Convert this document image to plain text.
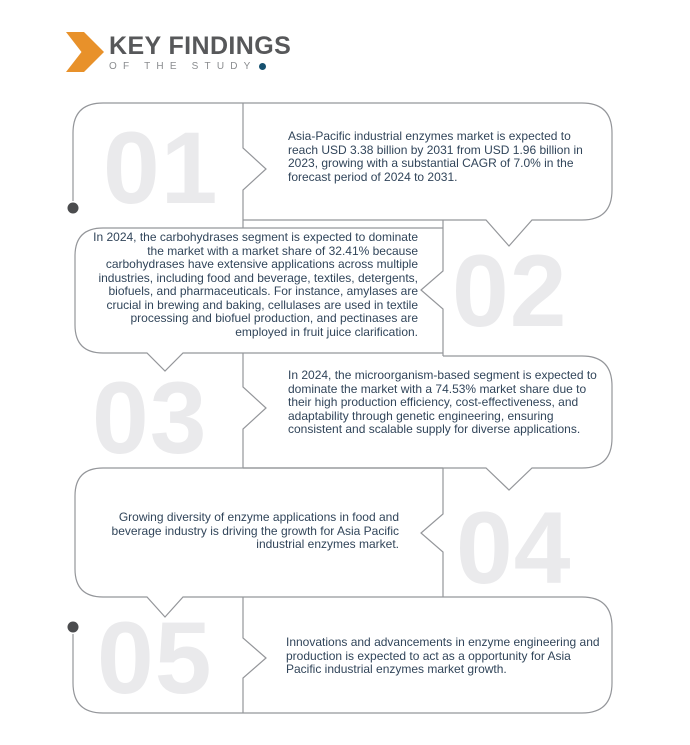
KEY FINDINGS
OF THE STUDY
01
02
03
04
05
Asia-Pacific industrial enzymes market is expected to reach USD 3.38 billion by 2031 from USD 1.96 billion in 2023, growing with a substantial CAGR of 7.0% in the forecast period of 2024 to 2031.
In 2024, the carbohydrases segment is expected to dominate the market with a market share of 32.41% because carbohydrases have extensive applications across multiple industries, including food and beverage, textiles, detergents, biofuels, and pharmaceuticals. For instance, amylases are crucial in brewing and baking, cellulases are used in textile processing and biofuel production, and pectinases are employed in fruit juice clarification.
In 2024, the microorganism-based segment is expected to dominate the market with a 74.53% market share due to their high production efficiency, cost-effectiveness, and adaptability through genetic engineering, ensuring consistent and scalable supply for diverse applications.
Growing diversity of enzyme applications in food and beverage industry is driving the growth for Asia Pacific industrial enzymes market.
Innovations and advancements in enzyme engineering and production is expected to act as a opportunity for Asia Pacific industrial enzymes market growth.
